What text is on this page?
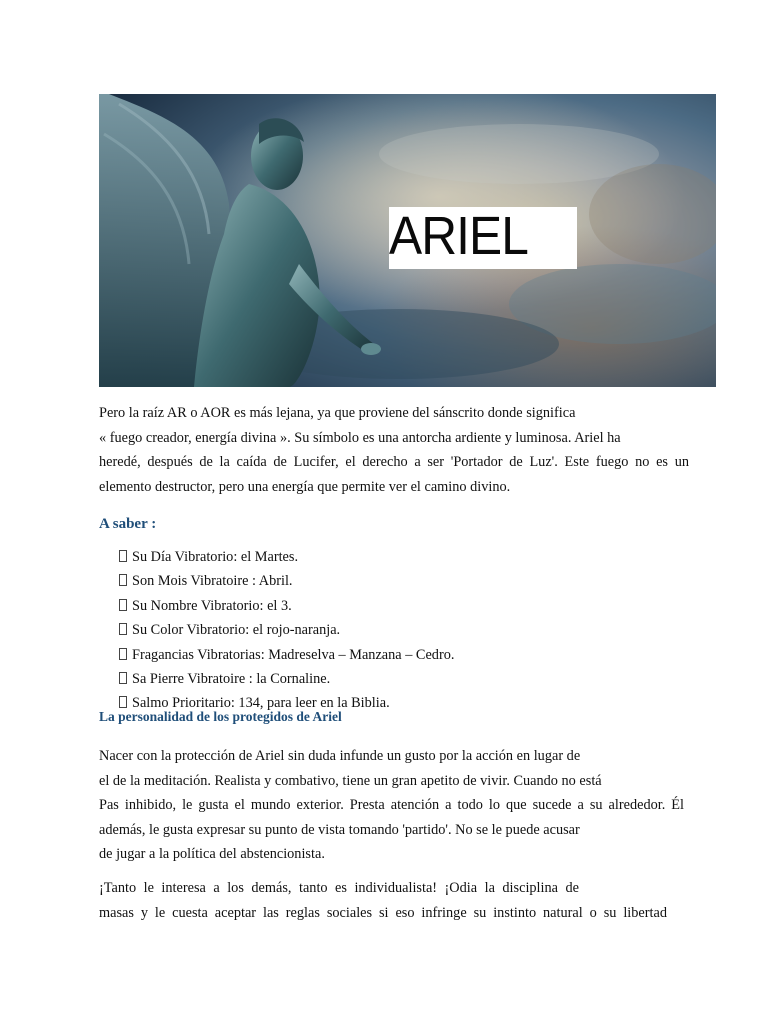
ARIEL
Pero la raíz AR o AOR es más lejana, ya que proviene del sánscrito donde significa
« fuego creador, energía divina ». Su símbolo es una antorcha ardiente y luminosa. Ariel ha
heredé, después de la caída de Lucifer, el derecho a ser 'Portador de Luz'. Este fuego no es un
elemento destructor, pero una energía que permite ver el camino divino.
A saber :
Su Día Vibratorio: el Martes.
Son Mois Vibratoire : Abril.
Su Nombre Vibratorio: el 3.
Su Color Vibratorio: el rojo-naranja.
Fragancias Vibratorias: Madreselva – Manzana – Cedro.
Sa Pierre Vibratoire : la Cornaline.
Salmo Prioritario: 134, para leer en la Biblia.
La personalidad de los protegidos de Ariel
Nacer con la protección de Ariel sin duda infunde un gusto por la acción en lugar de
el de la meditación. Realista y combativo, tiene un gran apetito de vivir. Cuando no está
Pas inhibido, le gusta el mundo exterior. Presta atención a todo lo que sucede a su alrededor. Él
además, le gusta expresar su punto de vista tomando 'partido'. No se le puede acusar
de jugar a la política del abstencionista.
¡Tanto le interesa a los demás, tanto es individualista! ¡Odia la disciplina de
masas y le cuesta aceptar las reglas sociales si eso infringe su instinto natural o su libertad
